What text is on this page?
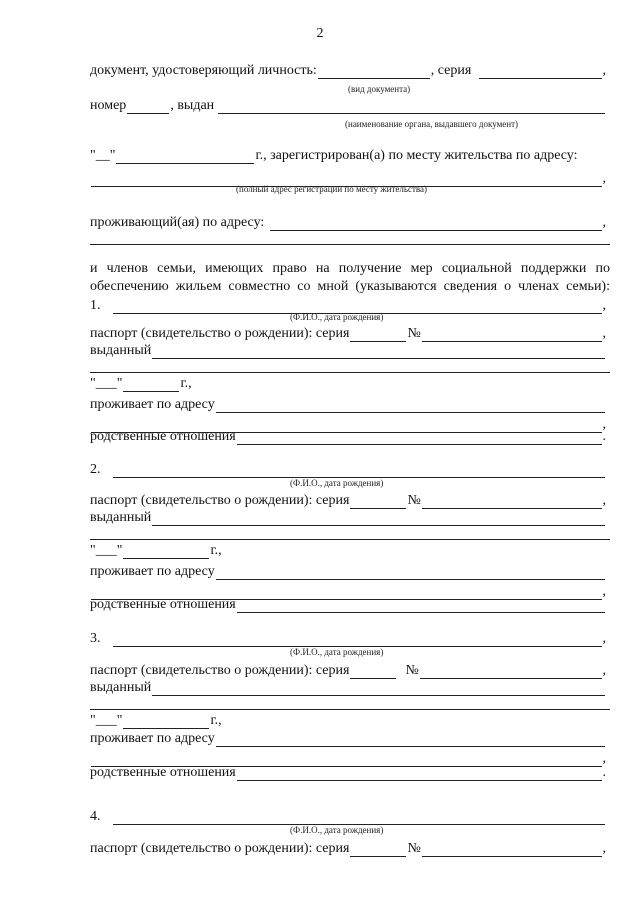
2
документ, удостоверяющий личность:	, серия	,
(вид документа)
номер	, выдан
(наименование органа, выдавшего документ)
"__"	г., зарегистрирован(а) по месту жительства по адресу:
,
(полный адрес регистрации по месту жительства)
проживающий(ая) по адресу:	,
и членов семьи, имеющих право на получение мер социальной поддержки по
обеспечению жильем совместно со мной (указываются сведения о членах семьи):
1.	,
(Ф.И.О., дата рождения)
паспорт (свидетельство о рождении): серия	№	,
выданный
"___"	г.,
проживает по адресу
,
родственные отношения	.
2.
(Ф.И.О., дата рождения)
паспорт (свидетельство о рождении): серия	№	,
выданный
"___"	г.,
проживает по адресу
,
родственные отношения
3.	,
(Ф.И.О., дата рождения)
паспорт (свидетельство о рождении): серия	№	,
выданный
"___"	г.,
проживает по адресу
,
родственные отношения	.
4.
(Ф.И.О., дата рождения)
паспорт (свидетельство о рождении): серия	№	,
